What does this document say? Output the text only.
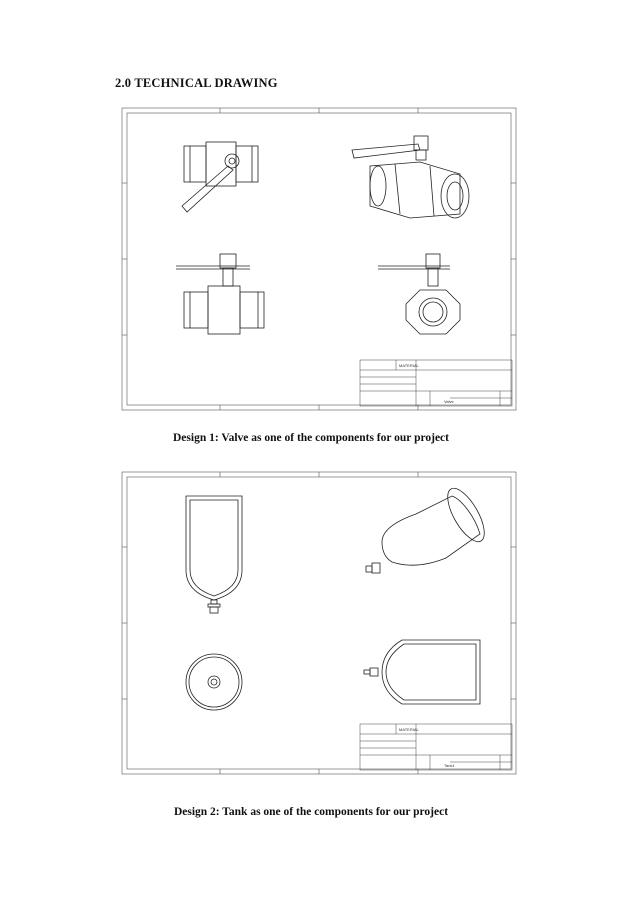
2.0 TECHNICAL DRAWING
MATERIAL
Valve
Design 1: Valve as one of the components for our project
MATERIAL
Tank1
Design 2: Tank as one of the components for our project
